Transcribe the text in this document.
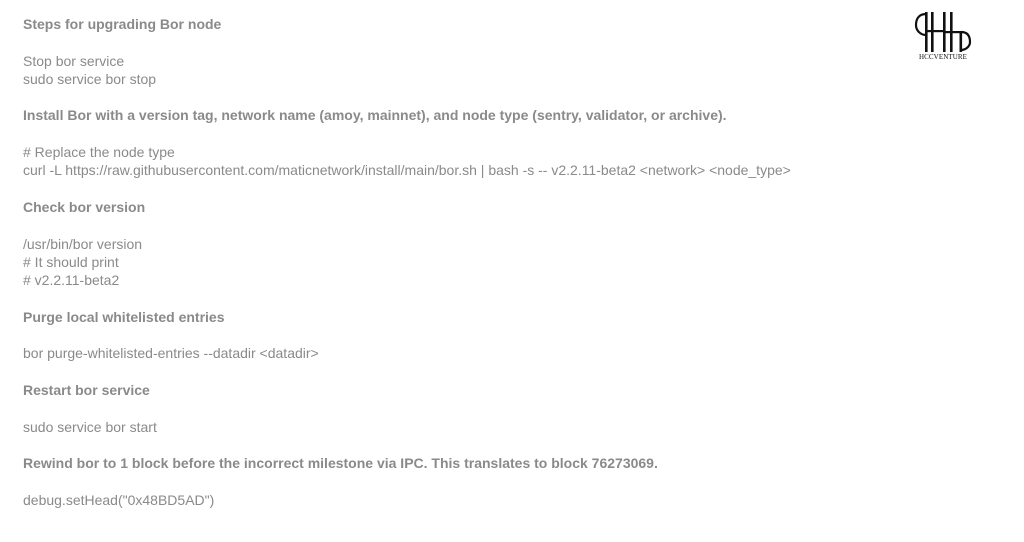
HCCVENTURE
Steps for upgrading Bor node
Stop bor service
sudo service bor stop
Install Bor with a version tag, network name (amoy, mainnet), and node type (sentry, validator, or archive).
# Replace the node type
curl -L https://raw.githubusercontent.com/maticnetwork/install/main/bor.sh | bash -s -- v2.2.11-beta2 <network> <node_type>
Check bor version
/usr/bin/bor version
# It should print
# v2.2.11-beta2
Purge local whitelisted entries
bor purge-whitelisted-entries --datadir <datadir>
Restart bor service
sudo service bor start
Rewind bor to 1 block before the incorrect milestone via IPC. This translates to block 76273069.
debug.setHead("0x48BD5AD")
